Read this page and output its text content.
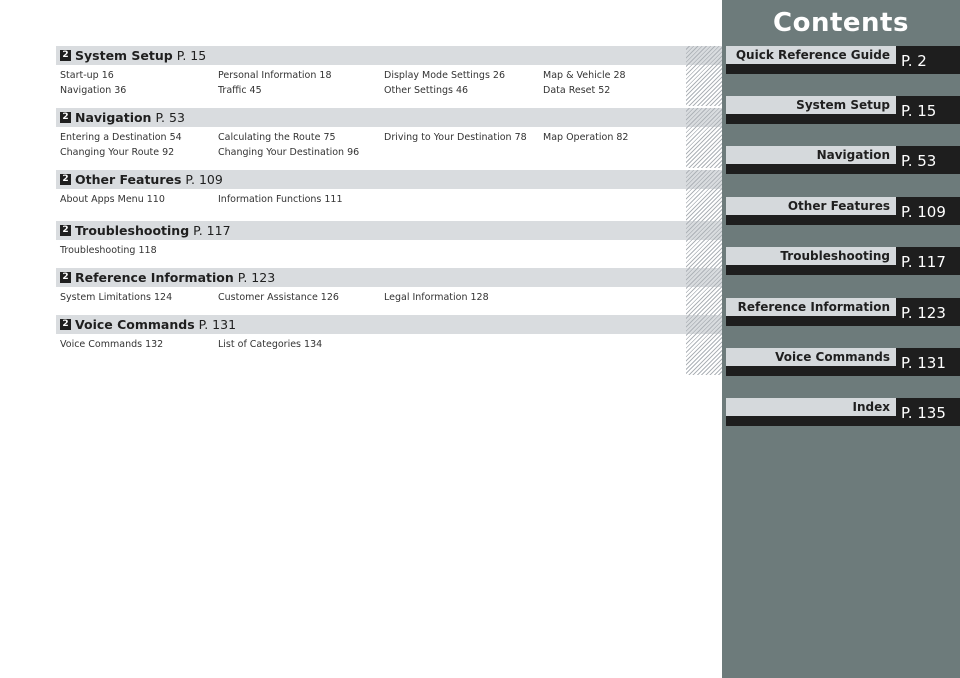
2 System Setup P. 15
Start-up 16	Personal Information 18	Display Mode Settings 26	Map & Vehicle 28
Navigation 36	Traffic 45	Other Settings 46	Data Reset 52
2 Navigation P. 53
Entering a Destination 54	Calculating the Route 75	Driving to Your Destination 78	Map Operation 82
Changing Your Route 92	Changing Your Destination 96
2 Other Features P. 109
About Apps Menu 110	Information Functions 111
2 Troubleshooting P. 117
Troubleshooting 118
2 Reference Information P. 123
System Limitations 124	Customer Assistance 126	Legal Information 128
2 Voice Commands P. 131
Voice Commands 132	List of Categories 134
Contents
Quick Reference Guide P. 2
System Setup P. 15
Navigation P. 53
Other Features P. 109
Troubleshooting P. 117
Reference Information P. 123
Voice Commands P. 131
Index P. 135
